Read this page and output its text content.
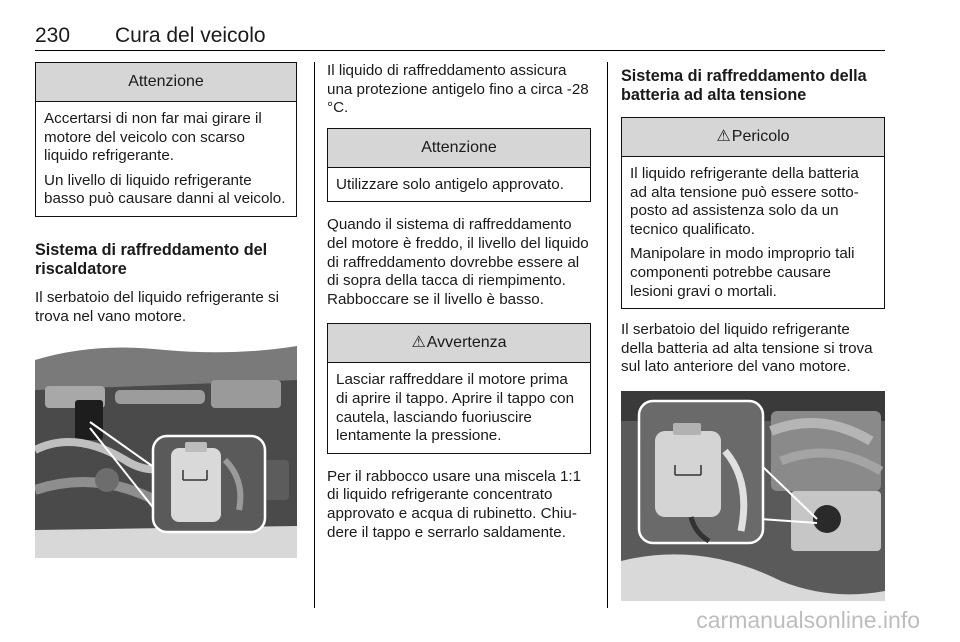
230 Cura del veicolo
Attenzione
Accertarsi di non far mai girare il motore del veicolo con scarso liquido refrigerante.
Un livello di liquido refrigerante basso può causare danni al veicolo.
Sistema di raffreddamento del riscaldatore

Il serbatoio del liquido refrigerante si trova nel vano motore.

Il liquido di raffreddamento assicura una protezione antigelo fino a circa -28 °C.

Attenzione
Utilizzare solo antigelo approvato.

Quando il sistema di raffreddamento del motore è freddo, il livello del liquido di raffreddamento dovrebbe essere al di sopra della tacca di riempimento. Rabboccare se il livello è basso.

⚠Avvertenza
Lasciar raffreddare il motore prima di aprire il tappo. Aprire il tappo con cautela, lasciando fuoriuscire lentamente la pressione.

Per il rabbocco usare una miscela 1:1 di liquido refrigerante concentrato approvato e acqua di rubinetto. Chiudere il tappo e serrarlo saldamente.

Sistema di raffreddamento della batteria ad alta tensione
⚠Pericolo
Il liquido refrigerante della batteria ad alta tensione può essere sottoposto ad assistenza solo da un tecnico qualificato.
Manipolare in modo improprio tali componenti potrebbe causare lesioni gravi o mortali.

Il serbatoio del liquido refrigerante della batteria ad alta tensione si trova sul lato anteriore del vano motore.

carmanualsonline.info
